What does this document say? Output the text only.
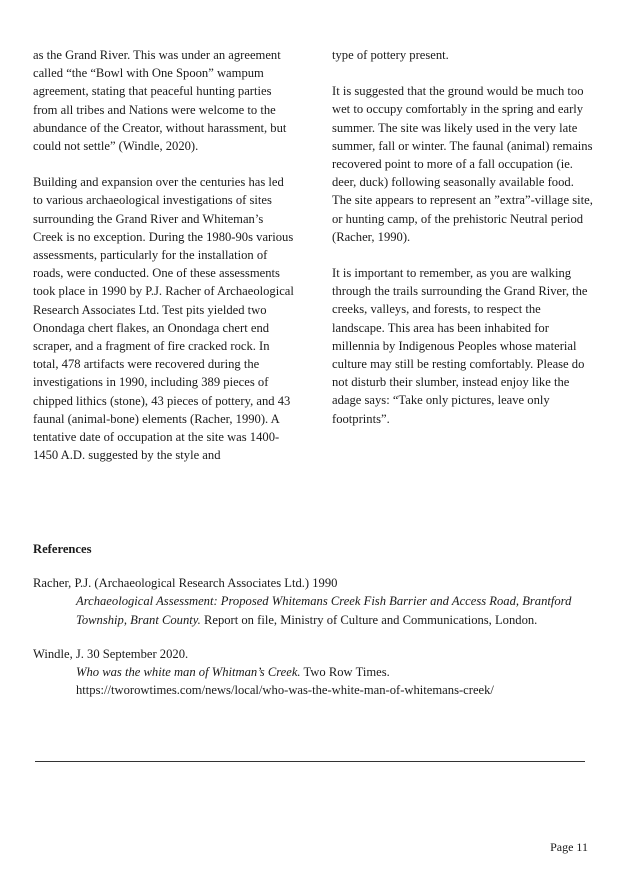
as the Grand River. This was under an agreement called “the “Bowl with One Spoon” wampum agreement, stating that peaceful hunting parties from all tribes and Nations were welcome to the abundance of the Creator, without harassment, but could not settle” (Windle, 2020).

Building and expansion over the centuries has led to various archaeological investigations of sites surrounding the Grand River and Whiteman’s Creek is no exception. During the 1980-90s various assessments, particularly for the installation of roads, were conducted. One of these assessments took place in 1990 by P.J. Racher of Archaeological Research Associates Ltd. Test pits yielded two Onondaga chert flakes, an Onondaga chert end scraper, and a fragment of fire cracked rock. In total, 478 artifacts were recovered during the investigations in 1990, including 389 pieces of chipped lithics (stone), 43 pieces of pottery, and 43 faunal (animal-bone) elements (Racher, 1990). A tentative date of occupation at the site was 1400-1450 A.D. suggested by the style and

type of pottery present.

It is suggested that the ground would be much too wet to occupy comfortably in the spring and early summer. The site was likely used in the very late summer, fall or winter. The faunal (animal) remains recovered point to more of a fall occupation (ie. deer, duck) following seasonally available food. The site appears to represent an ”extra”-village site, or hunting camp, of the prehistoric Neutral period (Racher, 1990).

It is important to remember, as you are walking through the trails surrounding the Grand River, the creeks, valleys, and forests, to respect the landscape. This area has been inhabited for millennia by Indigenous Peoples whose material culture may still be resting comfortably. Please do not disturb their slumber, instead enjoy like the adage says: “Take only pictures, leave only footprints”.

References
Racher, P.J. (Archaeological Research Associates Ltd.) 1990
Archaeological Assessment: Proposed Whitemans Creek Fish Barrier and Access Road, Brantford Township, Brant County. Report on file, Ministry of Culture and Communications, London.
Windle, J. 30 September 2020.
Who was the white man of Whitman’s Creek. Two Row Times.
https://tworowtimes.com/news/local/who-was-the-white-man-of-whitemans-creek/
Page 11
